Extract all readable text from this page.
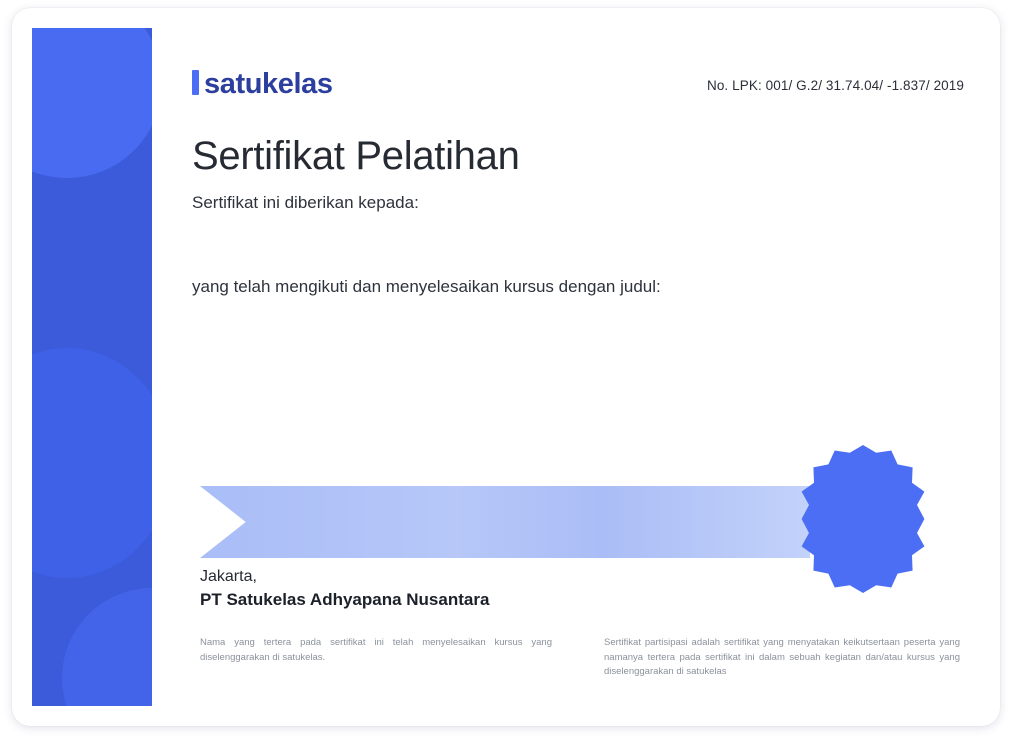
satukelas	No. LPK: 001/ G.2/ 31.74.04/ -1.837/ 2019
Sertifikat Pelatihan
Sertifikat ini diberikan kepada:
yang telah mengikuti dan menyelesaikan kursus dengan judul:
Jakarta,
PT Satukelas Adhyapana Nusantara
Nama yang tertera pada sertifikat ini telah menyelesaikan kursus yang diselenggarakan di satukelas.
Sertifikat partisipasi adalah sertifikat yang menyatakan keikutsertaan peserta yang namanya tertera pada sertifikat ini dalam sebuah kegiatan dan/atau kursus yang diselenggarakan di satukelas
